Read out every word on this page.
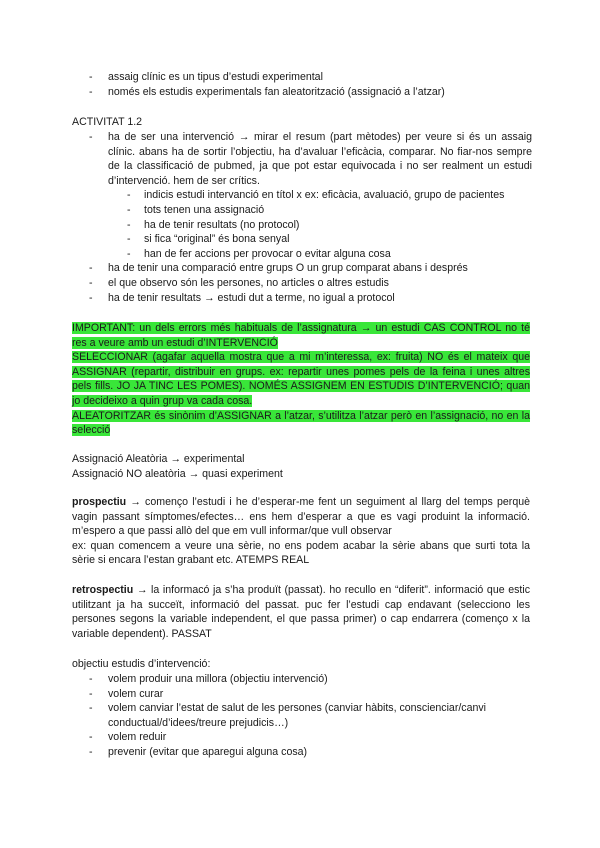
- assaig clínic es un tipus d’estudi experimental
- només els estudis experimentals fan aleatorització (assignació a l’atzar)
ACTIVITAT 1.2
- ha de ser una intervenció → mirar el resum (part mètodes) per veure si és un assaig clínic. abans ha de sortir l’objectiu, ha d’avaluar l’eficàcia, comparar. No fiar-nos sempre de la classificació de pubmed, ja que pot estar equivocada i no ser realment un estudi d’intervenció. hem de ser crítics.
- indicis estudi intervanció en títol x ex: eficàcia, avaluació, grupo de pacientes
- tots tenen una assignació
- ha de tenir resultats (no protocol)
- si fica “original” és bona senyal
- han de fer accions per provocar o evitar alguna cosa
- ha de tenir una comparació entre grups O un grup comparat abans i després
- el que observo són les persones, no articles o altres estudis
- ha de tenir resultats → estudi dut a terme, no igual a protocol

IMPORTANT: un dels errors més habituals de l’assignatura → un estudi CAS CONTROL no té res a veure amb un estudi d’INTERVENCIÓ

SELECCIONAR (agafar aquella mostra que a mi m’interessa, ex: fruita) NO és el mateix que ASSIGNAR (repartir, distribuir en grups. ex: repartir unes pomes pels de la feina i unes altres pels fills. JO JA TINC LES POMES). NOMÉS ASSIGNEM EN ESTUDIS D’INTERVENCIÓ; quan jo decideixo a quin grup va cada cosa.

ALEATORITZAR és sinònim d’ASSIGNAR a l’atzar, s’utilitza l’atzar però en l’assignació, no en la selecció

Assignació Aleatòria → experimental

Assignació NO aleatòria → quasi experiment

prospectiu → començo l’estudi i he d’esperar-me fent un seguiment al llarg del temps perquè vagin passant símptomes/efectes… ens hem d’esperar a que es vagi produint la informació. m’espero a que passi allò del que em vull informar/que vull observar

ex: quan comencem a veure una sèrie, no ens podem acabar la sèrie abans que surti tota la sèrie si encara l’estan grabant etc. ATEMPS REAL

retrospectiu → la informacó ja s’ha produït (passat). ho recullo en “diferit”. informació que estic utilitzant ja ha succeït, informació del passat. puc fer l’estudi cap endavant (selecciono les persones segons la variable independent, el que passa primer) o cap endarrera (començo x la variable dependent). PASSAT

objectiu estudis d’intervenció:
- volem produir una millora (objectiu intervenció)
- volem curar
- volem canviar l’estat de salut de les persones (canviar hàbits, conscienciar/canvi conductual/d’idees/treure prejudicis…)
- volem reduir
- prevenir (evitar que aparegui alguna cosa)
